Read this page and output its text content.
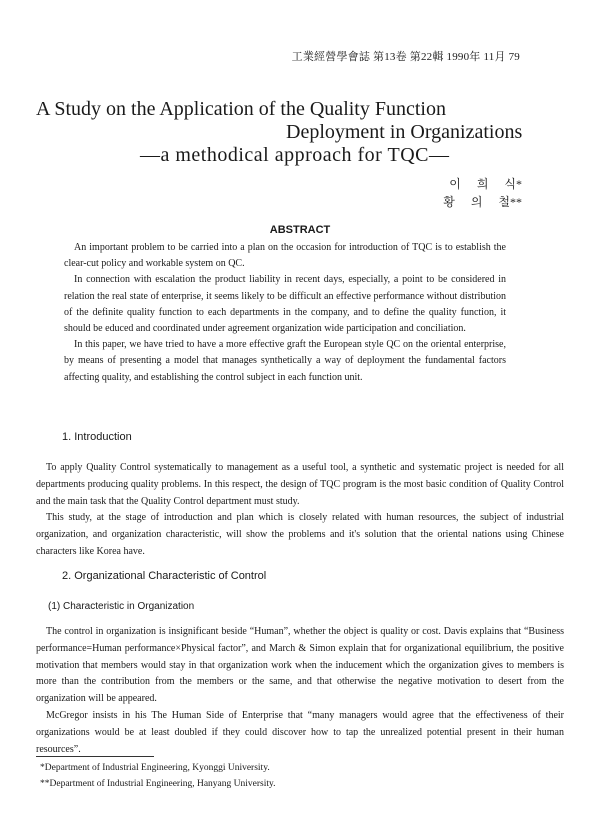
工業經營學會誌 第13卷 第22輯 1990年 11月 79
A Study on the Application of the Quality Function
Deployment in Organizations
—a methodical approach for TQC—
이 희 식*
황 의 철**
ABSTRACT

An important problem to be carried into a plan on the occasion for introduction of TQC is to establish the clear-cut policy and workable system on QC.

In connection with escalation the product liability in recent days, especially, a point to be considered in relation the real state of enterprise, it seems likely to be difficult an effective performance without distribution of the definite quality function to each departments in the company, and to define the quality function, it should be educed and coordinated under agreement organization wide participation and conciliation.

In this paper, we have tried to have a more effective graft the European style QC on the oriental enterprise, by means of presenting a model that manages synthetically a way of deployment the fundamental factors affecting quality, and establishing the control subject in each function unit.

1. Introduction

To apply Quality Control systematically to management as a useful tool, a synthetic and systematic project is needed for all departments producing quality problems. In this respect, the design of TQC program is the most basic condition of Quality Control and the main task that the Quality Control department must study.

This study, at the stage of introduction and plan which is closely related with human resources, the subject of industrial organization, and organization characteristic, will show the problems and it's solution that the oriental nations using Chinese characters like Korea have.

2. Organizational Characteristic of Control
(1) Characteristic in Organization

The control in organization is insignificant beside “Human”, whether the object is quality or cost. Davis explains that “Business performance=Human performance×Physical factor”, and March & Simon explain that for organizational equilibrium, the positive motivation that members would stay in that organization work when the inducement which the organization gives to members is more than the contribution from the members or the same, and that otherwise the negative motivation to desert from the organization will be appeared.

McGregor insists in his The Human Side of Enterprise that “many managers would agree that the effectiveness of their organizations would be at least doubled if they could discover how to tap the unrealized potential present in their human resources”.

*Department of Industrial Engineering, Kyonggi University.
**Department of Industrial Engineering, Hanyang University.
